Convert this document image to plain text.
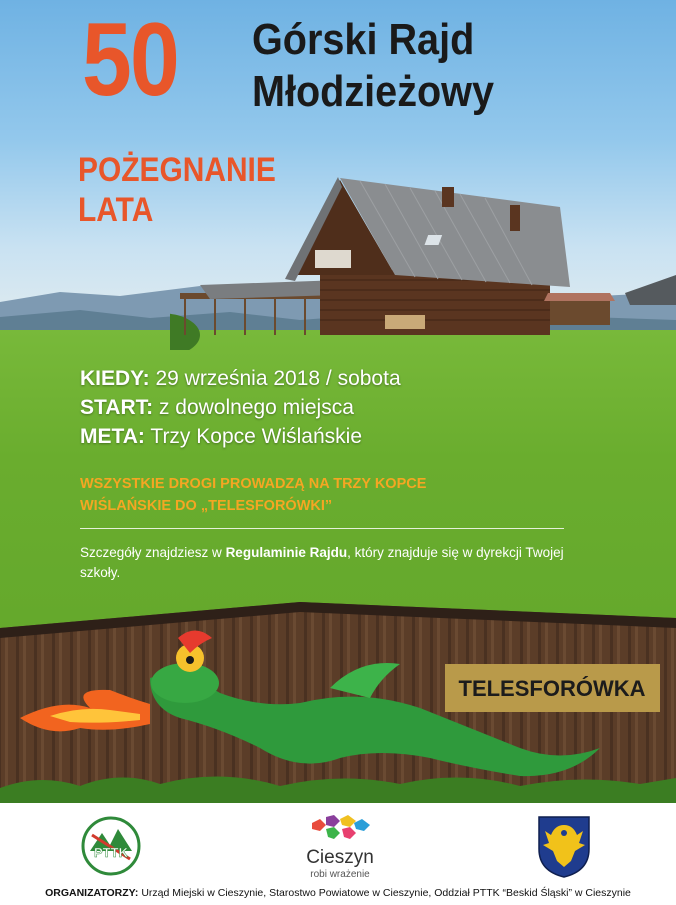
50 Górski Rajd
Młodzieżowy
POŻEGNANIE
LATA
KIEDY: 29 września 2018 / sobota
START: z dowolnego miejsca
META: Trzy Kopce Wiślańskie
WSZYSTKIE DROGI PROWADZĄ NA TRZY KOPCE
WIŚLAŃSKIE DO „TELESFORÓWKI”
Szczegóły znajdziesz w Regulaminie Rajdu, który znajduje się w dyrekcji Twojej szkoły.
TELESFORÓWKA
PTTK	Cieszyn
robi wrażenie
ORGANIZATORZY: Urząd Miejski w Cieszynie, Starostwo Powiatowe w Cieszynie, Oddział PTTK “Beskid Śląski” w Cieszynie
